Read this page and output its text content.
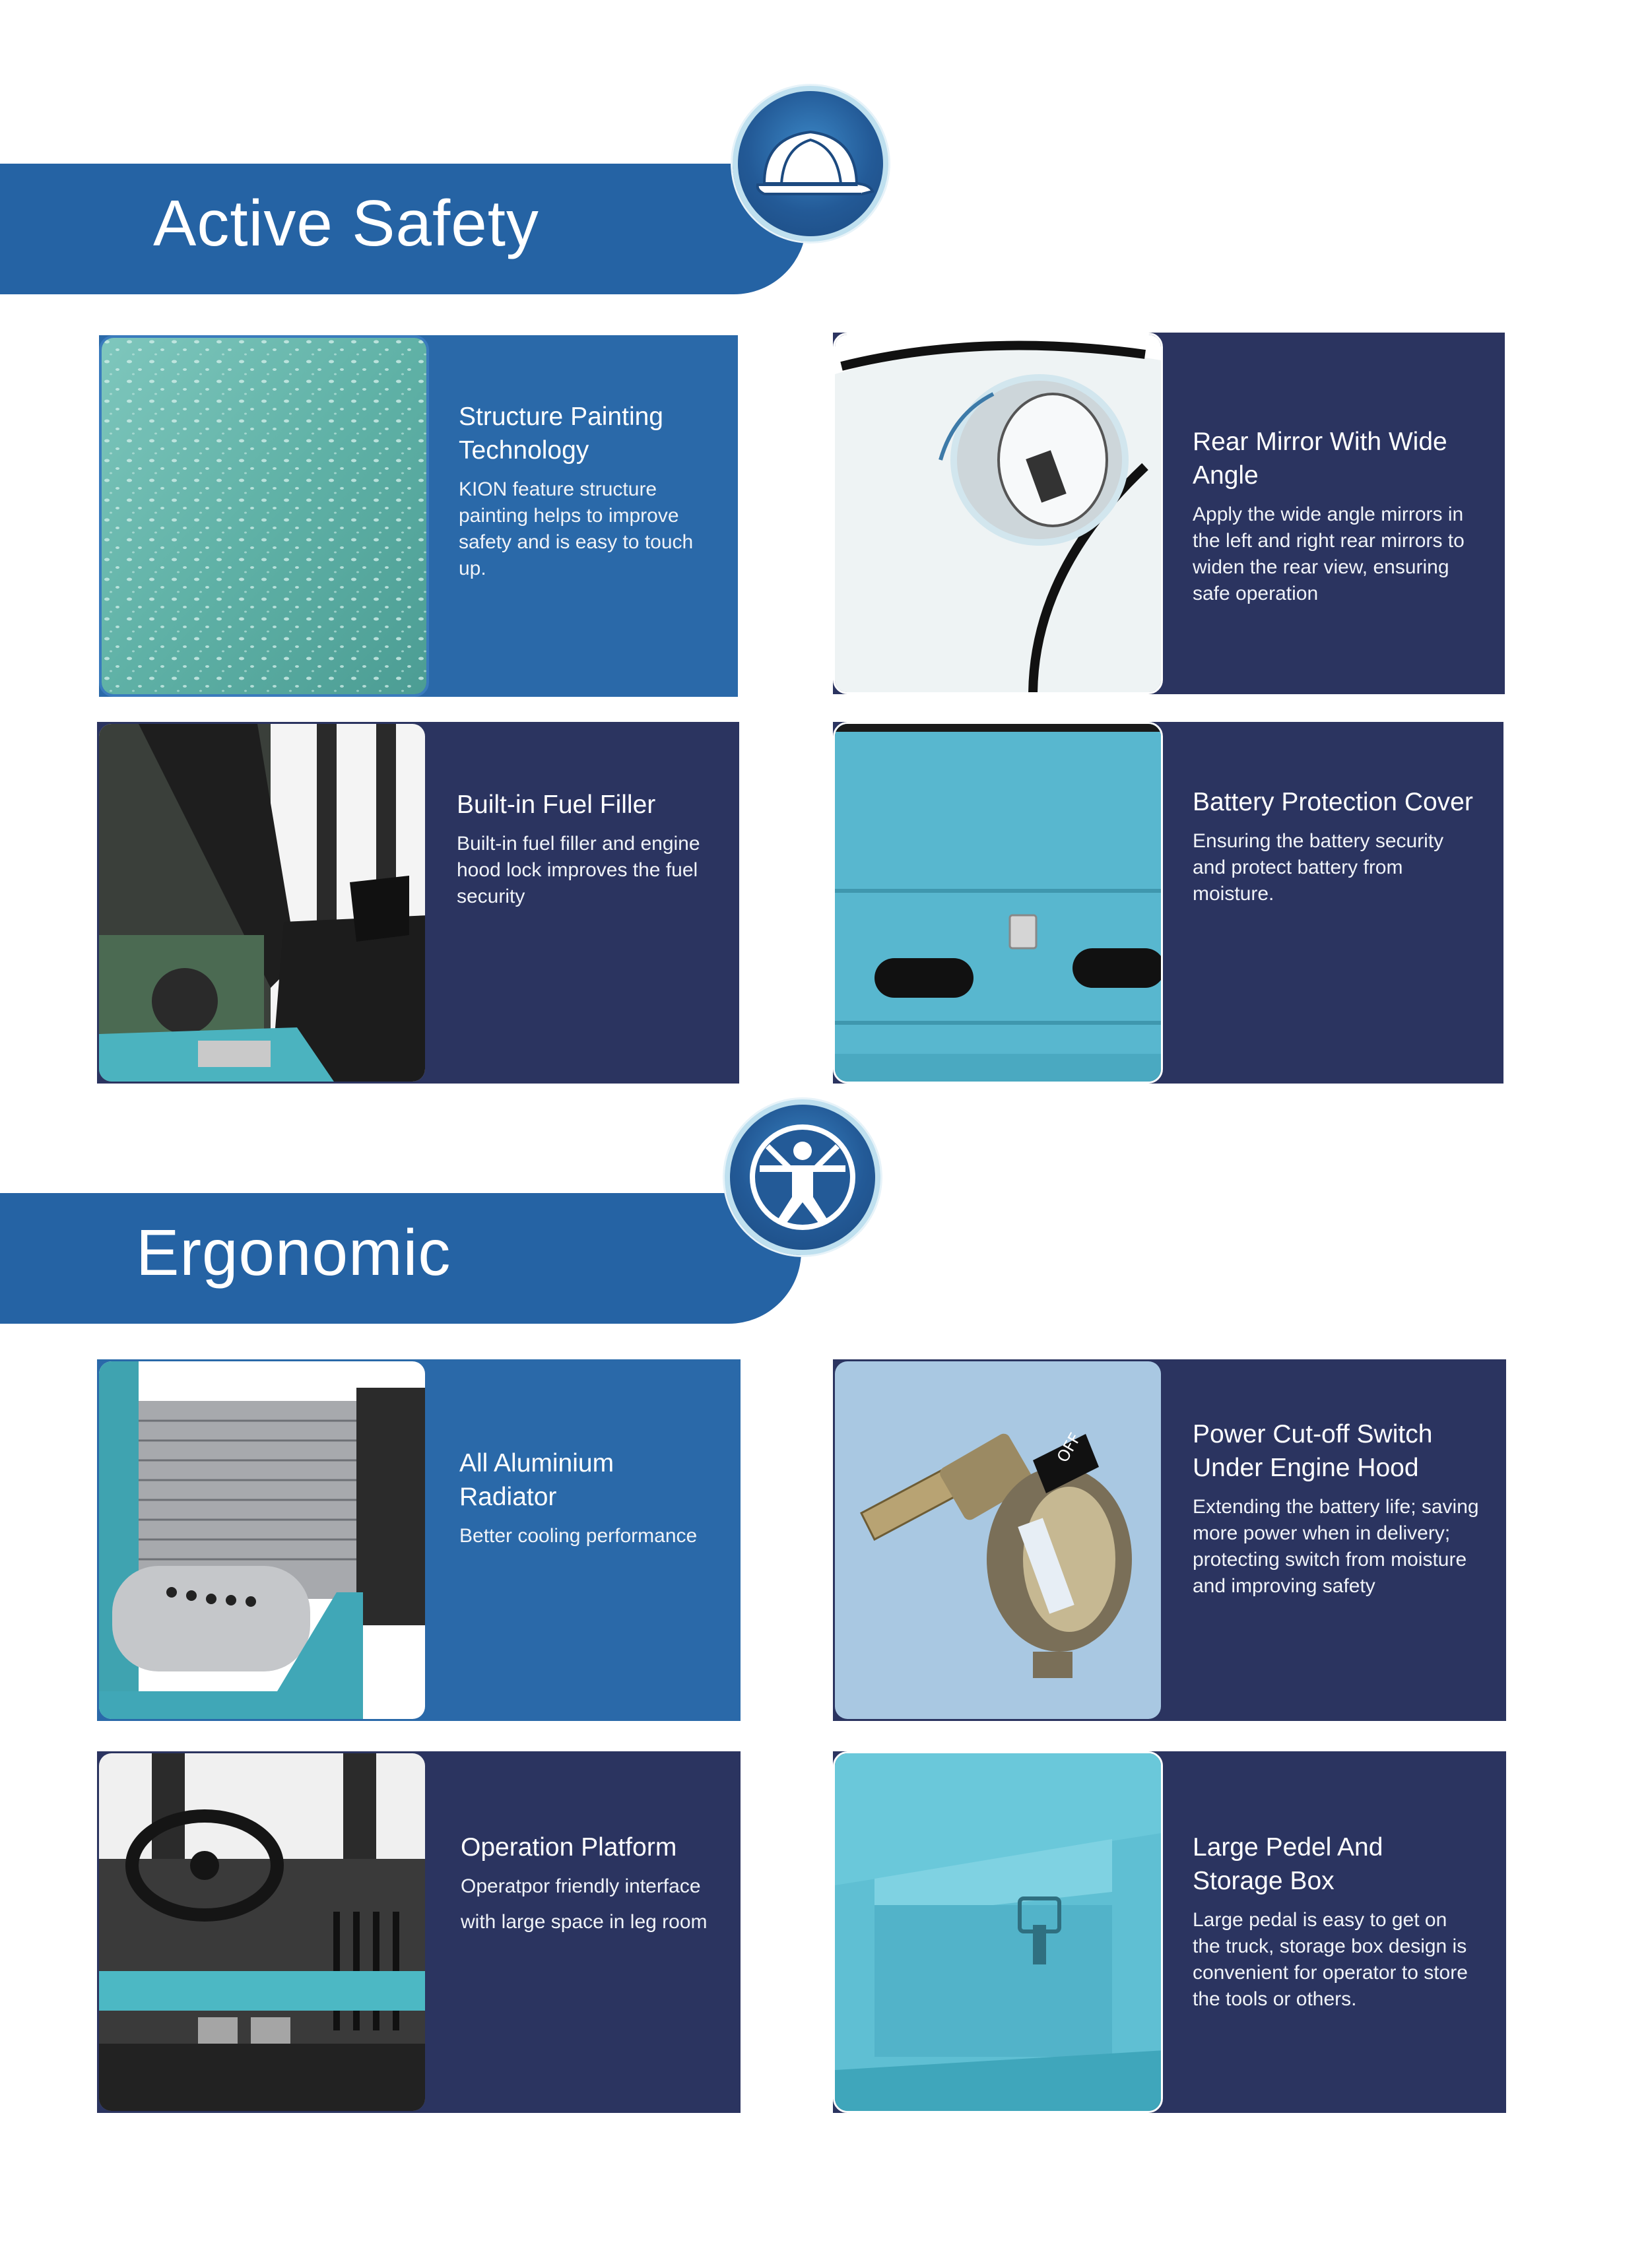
Active Safety
Structure Painting Technology

KION feature structure painting helps to improve safety and is easy to touch up.

Rear Mirror With Wide Angle

Apply the wide angle mirrors in the left and right rear mirrors to widen the rear view, ensuring safe operation

Built-in Fuel Filler

Built-in fuel filler and engine hood lock improves the fuel security

Battery Protection Cover

Ensuring the battery security and protect battery from moisture.

Ergonomic
All Aluminium Radiator

Better cooling performance

OFF	Power Cut-off Switch Under Engine Hood

Extending the battery life; saving more power when in delivery; protecting switch from moisture and improving safety

Operation Platform

Operatpor friendly interface

with large space in leg room

Large Pedel And Storage Box

Large pedal is easy to get on the truck, storage box design is convenient for operator to store the tools or others.
